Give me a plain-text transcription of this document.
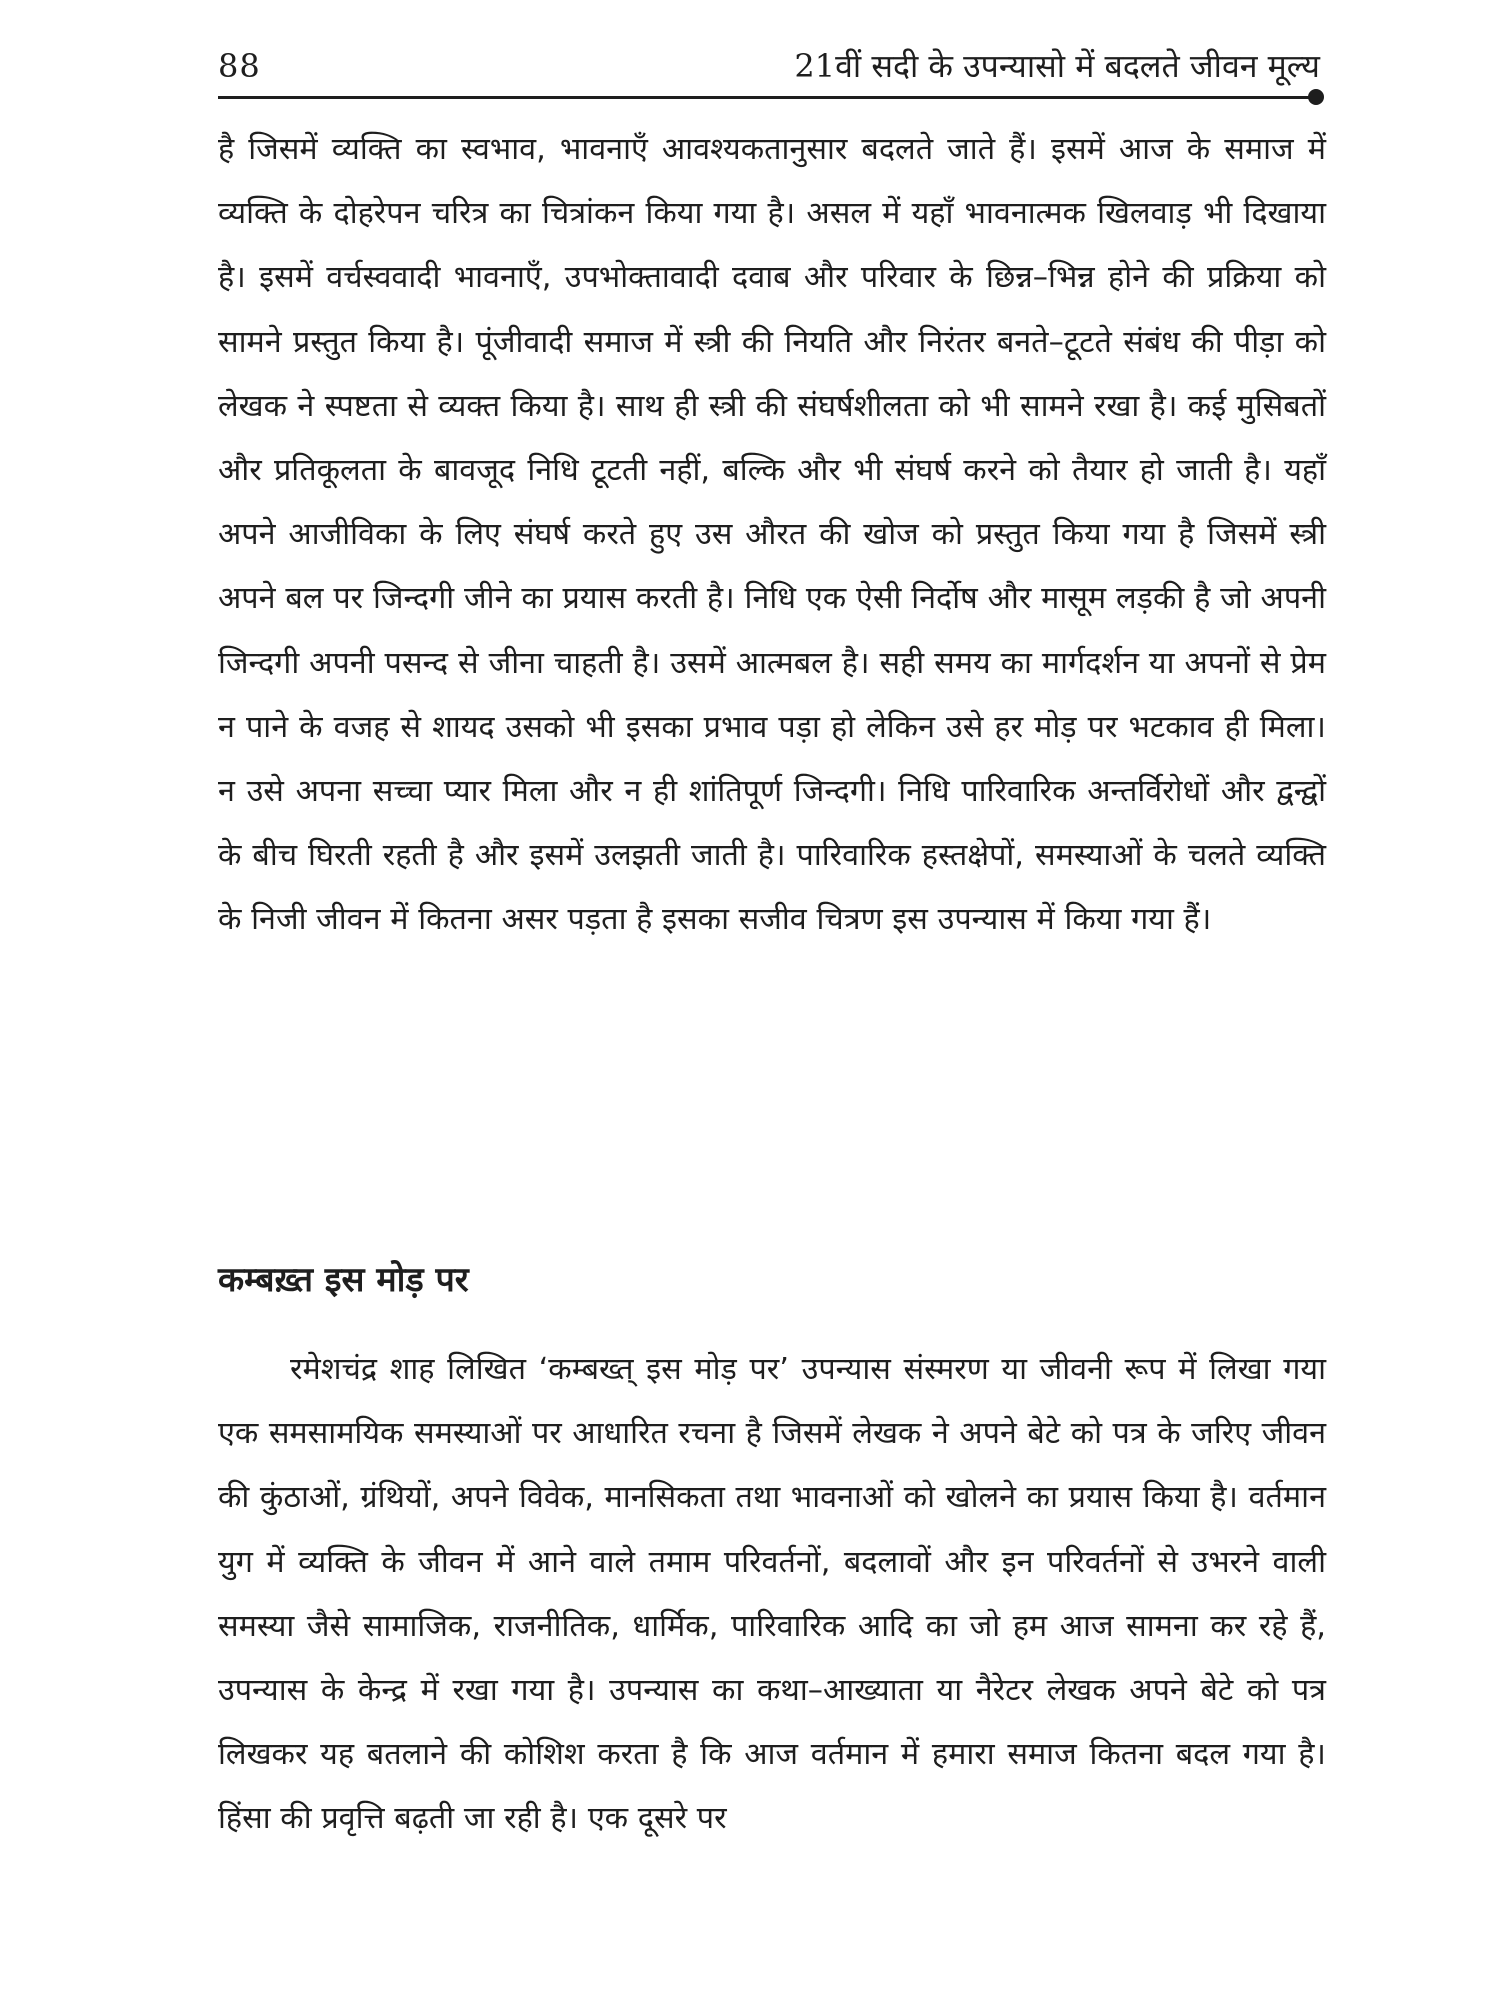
88	21वीं सदी के उपन्यासो में बदलते जीवन मूल्य

है जिसमें व्यक्ति का स्वभाव, भावनाएँ आवश्यकतानुसार बदलते जाते हैं। इसमें आज के समाज में व्यक्ति के दोहरेपन चरित्र का चित्रांकन किया गया है। असल में यहाँ भावनात्मक खिलवाड़ भी दिखाया है। इसमें वर्चस्ववादी भावनाएँ, उपभोक्तावादी दवाब और परिवार के छिन्न–भिन्न होने की प्रक्रिया को सामने प्रस्तुत किया है। पूंजीवादी समाज में स्त्री की नियति और निरंतर बनते–टूटते संबंध की पीड़ा को लेखक ने स्पष्टता से व्यक्त किया है। साथ ही स्त्री की संघर्षशीलता को भी सामने रखा है। कई मुसिबतों और प्रतिकूलता के बावजूद निधि टूटती नहीं, बल्कि और भी संघर्ष करने को तैयार हो जाती है। यहाँ अपने आजीविका के लिए संघर्ष करते हुए उस औरत की खोज को प्रस्तुत किया गया है जिसमें स्त्री अपने बल पर जिन्दगी जीने का प्रयास करती है। निधि एक ऐसी निर्दोष और मासूम लड़की है जो अपनी जिन्दगी अपनी पसन्द से जीना चाहती है। उसमें आत्मबल है। सही समय का मार्गदर्शन या अपनों से प्रेम न पाने के वजह से शायद उसको भी इसका प्रभाव पड़ा हो लेकिन उसे हर मोड़ पर भटकाव ही मिला। न उसे अपना सच्चा प्यार मिला और न ही शांतिपूर्ण जिन्दगी। निधि पारिवारिक अन्तर्विरोधों और द्वन्द्वों के बीच घिरती रहती है और इसमें उलझती जाती है। पारिवारिक हस्तक्षेपों, समस्याओं के चलते व्यक्ति के निजी जीवन में कितना असर पड़ता है इसका सजीव चित्रण इस उपन्यास में किया गया हैं।

कम्बख़्त इस मोड़ पर

रमेशचंद्र शाह लिखित ‘कम्बख्त् इस मोड़ पर’ उपन्यास संस्मरण या जीवनी रूप में लिखा गया एक समसामयिक समस्याओं पर आधारित रचना है जिसमें लेखक ने अपने बेटे को पत्र के जरिए जीवन की कुंठाओं, ग्रंथियों, अपने विवेक, मानसिकता तथा भावनाओं को खोलने का प्रयास किया है। वर्तमान युग में व्यक्ति के जीवन में आने वाले तमाम परिवर्तनों, बदलावों और इन परिवर्तनों से उभरने वाली समस्या जैसे सामाजिक, राजनीतिक, धार्मिक, पारिवारिक आदि का जो हम आज सामना कर रहे हैं, उपन्यास के केन्द्र में रखा गया है। उपन्यास का कथा–आख्याता या नैरेटर लेखक अपने बेटे को पत्र लिखकर यह बतलाने की कोशिश करता है कि आज वर्तमान में हमारा समाज कितना बदल गया है। हिंसा की प्रवृत्ति बढ़ती जा रही है। एक दूसरे पर
